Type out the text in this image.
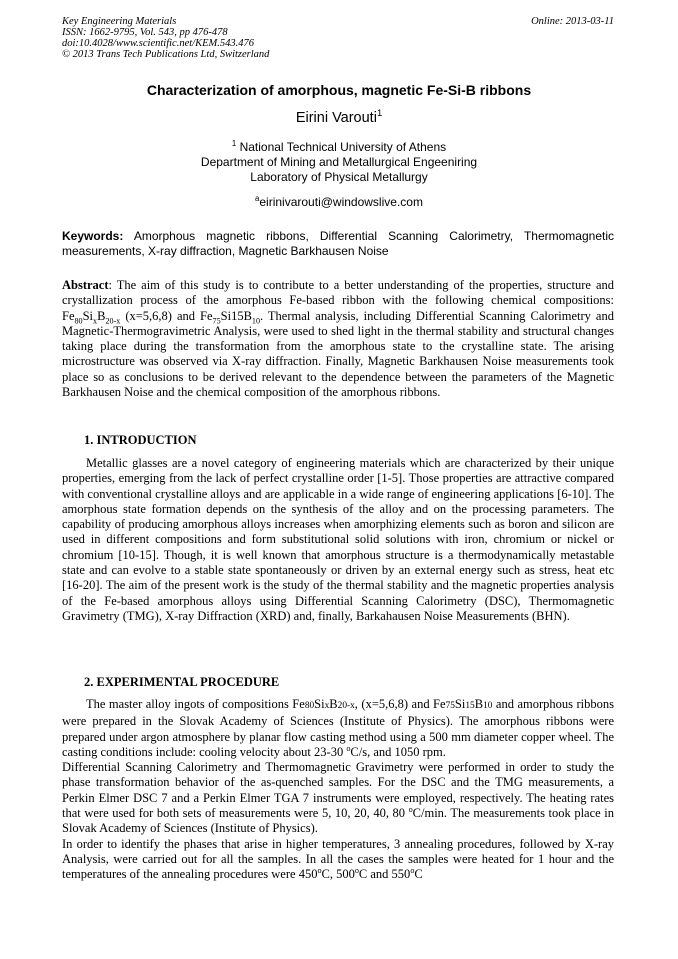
Key Engineering Materials
ISSN: 1662-9795, Vol. 543, pp 476-478
doi:10.4028/www.scientific.net/KEM.543.476
© 2013 Trans Tech Publications Ltd, Switzerland
Online: 2013-03-11
Characterization of amorphous, magnetic Fe-Si-B ribbons
Eirini Varouti$^1$
$^1$ National Technical University of Athens
Department of Mining and Metallurgical Engeeniring
Laboratory of Physical Metallurgy
$^a$eirinivarouti@windowslive.com
Keywords: Amorphous magnetic ribbons, Differential Scanning Calorimetry, Thermomagnetic measurements, X-ray diffraction, Magnetic Barkhausen Noise
Abstract: The aim of this study is to contribute to a better understanding of the properties, structure and crystallization process of the amorphous Fe-based ribbon with the following chemical compositions: $Fe_{80}Si_xB_{20-x}$ (x=5,6,8) and $Fe_{75}Si15B_{10}$. Thermal analysis, including Differential Scanning Calorimetry and Magnetic-Thermogravimetric Analysis, were used to shed light in the thermal stability and structural changes taking place during the transformation from the amorphous state to the crystalline state. The arising microstructure was observed via X-ray diffraction. Finally, Magnetic Barkhausen Noise measurements took place so as conclusions to be derived relevant to the dependence between the parameters of the Magnetic Barkhausen Noise and the chemical composition of the amorphous ribbons.
1. INTRODUCTION
Metallic glasses are a novel category of engineering materials which are characterized by their unique properties, emerging from the lack of perfect crystalline order [1-5]. Those properties are attractive compared with conventional crystalline alloys and are applicable in a wide range of engineering applications [6-10]. The amorphous state formation depends on the synthesis of the alloy and on the processing parameters. The capability of producing amorphous alloys increases when amorphizing elements such as boron and silicon are used in different compositions and form substitutional solid solutions with iron, chromium or nickel or chromium [10-15]. Though, it is well known that amorphous structure is a thermodynamically metastable state and can evolve to a stable state spontaneously or driven by an external energy such as stress, heat etc [16-20]. The aim of the present work is the study of the thermal stability and the magnetic properties analysis of the Fe-based amorphous alloys using Differential Scanning Calorimetry (DSC), Thermomagnetic Gravimetry (TMG), X-ray Diffraction (XRD) and, finally, Barkahausen Noise Measurements (BHN).
2. EXPERIMENTAL PROCEDURE

The master alloy ingots of compositions Fe80SixB20-x, (x=5,6,8) and Fe75Si15B10 and amorphous ribbons were prepared in the Slovak Academy of Sciences (Institute of Physics). The amorphous ribbons were prepared under argon atmosphere by planar flow casting method using a 500 mm diameter copper wheel. The casting conditions include: cooling velocity about 23-30 $^o$C/s, and 1050 rpm.

Differential Scanning Calorimetry and Thermomagnetic Gravimetry were performed in order to study the phase transformation behavior of the as-quenched samples. For the DSC and the TMG measurements, a Perkin Elmer DSC 7 and a Perkin Elmer TGA 7 instruments were employed, respectively. The heating rates that were used for both sets of measurements were 5, 10, 20, 40, 80 $^o$C/min. The measurements took place in Slovak Academy of Sciences (Institute of Physics).

In order to identify the phases that arise in higher temperatures, 3 annealing procedures, followed by X-ray Analysis, were carried out for all the samples. In all the cases the samples were heated for 1 hour and the temperatures of the annealing procedures were 450$^o$C, 500$^o$C and 550$^o$C
